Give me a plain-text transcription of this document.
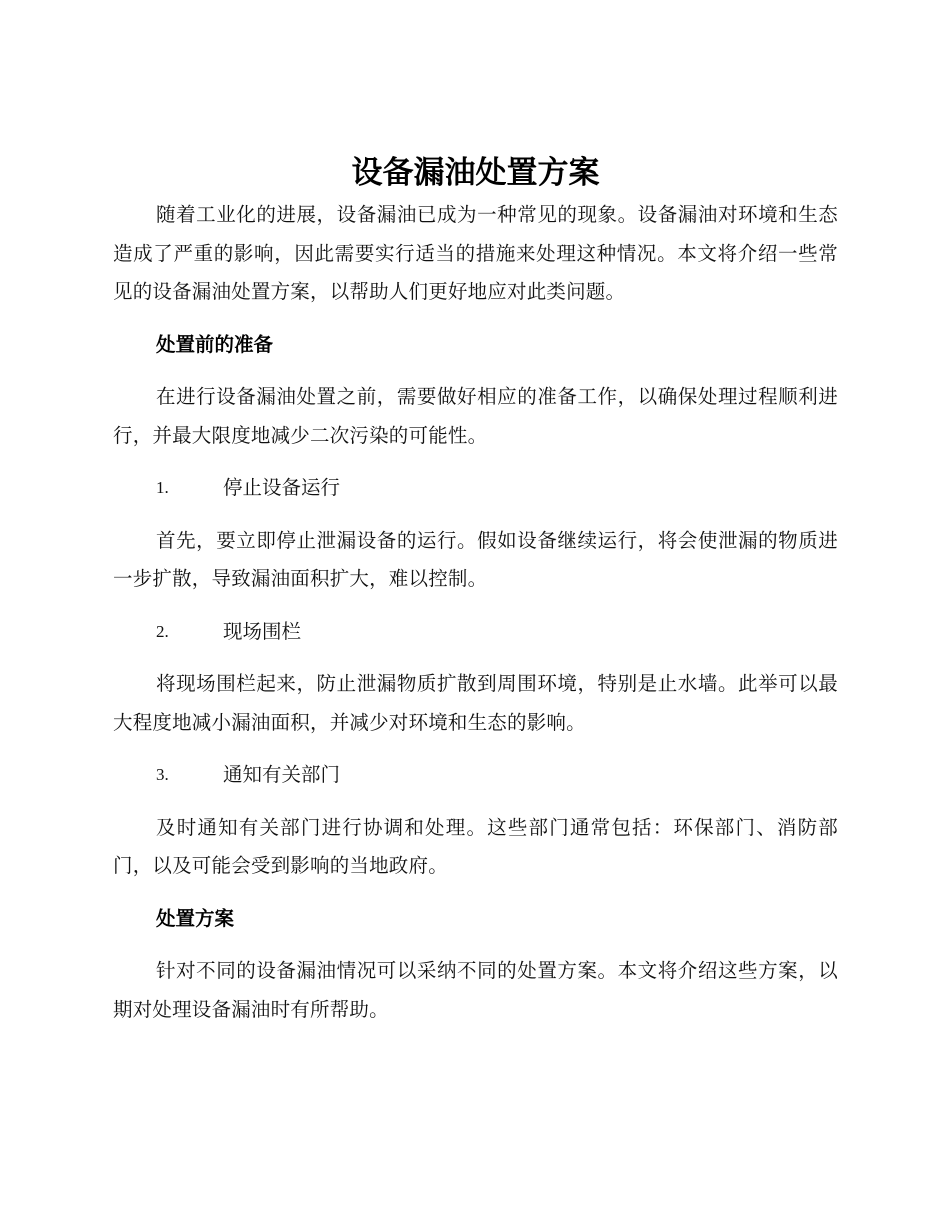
设备漏油处置方案

随着工业化的进展，设备漏油已成为一种常见的现象。设备漏油对环境和生态造成了严重的影响，因此需要实行适当的措施来处理这种情况。本文将介绍一些常见的设备漏油处置方案，以帮助人们更好地应对此类问题。

处置前的准备

在进行设备漏油处置之前，需要做好相应的准备工作，以确保处理过程顺利进行，并最大限度地减少二次污染的可能性。

1.	停止设备运行

首先，要立即停止泄漏设备的运行。假如设备继续运行，将会使泄漏的物质进一步扩散，导致漏油面积扩大，难以控制。

2.	现场围栏

将现场围栏起来，防止泄漏物质扩散到周围环境，特别是止水墙。此举可以最大程度地减小漏油面积，并减少对环境和生态的影响。

3.	通知有关部门

及时通知有关部门进行协调和处理。这些部门通常包括：环保部门、消防部门，以及可能会受到影响的当地政府。

处置方案

针对不同的设备漏油情况可以采纳不同的处置方案。本文将介绍这些方案，以期对处理设备漏油时有所帮助。
